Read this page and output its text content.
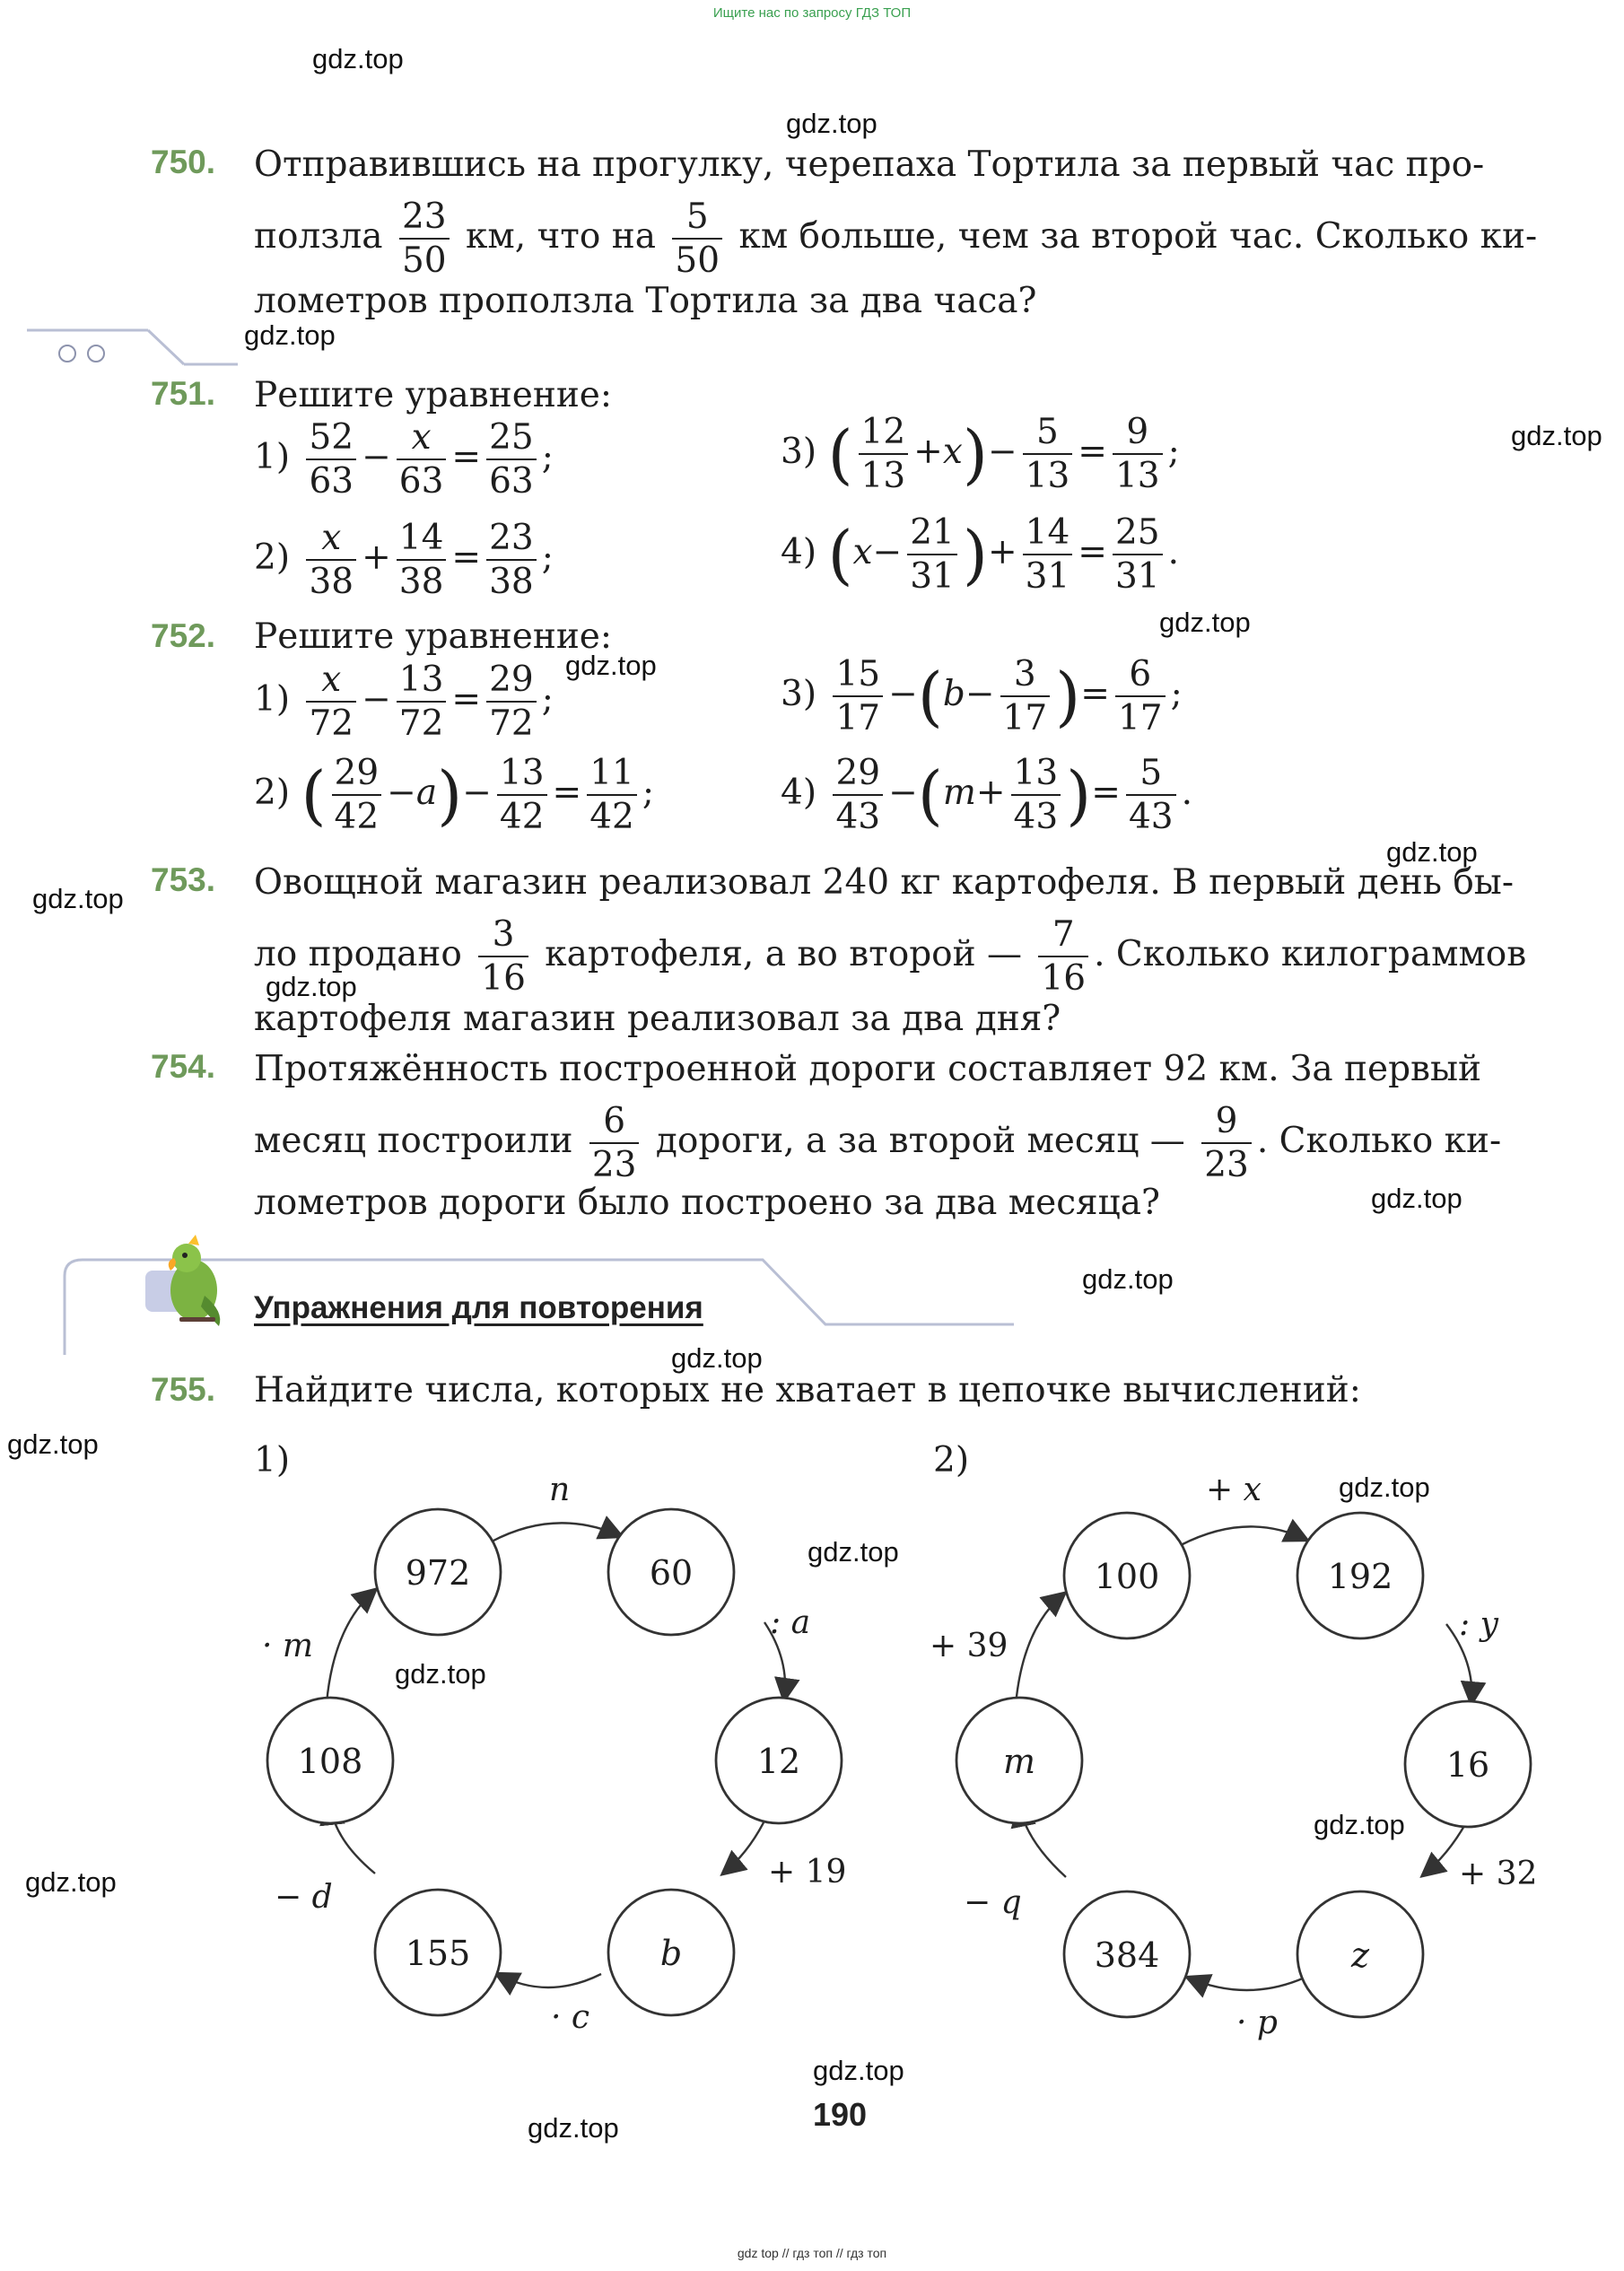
Ищите нас по запросу ГДЗ ТОП
gdz top // гдз топ // гдз топ
750. Отправившись на прогулку, черепаха Тортила за первый час про-
ползла $\frac{23}{50}$ км, что на $\frac{5}{50}$ км больше, чем за второй час. Сколько ки-
лометров проползла Тортила за два часа?
751. Решите уравнение:
$1) \frac{52}{63} - \frac{x}{63} = \frac{25}{63}$ ;
$2) \frac{x}{38} + \frac{14}{38} = \frac{23}{38}$ ;
3) ( $\frac{12}{13} +x)- \frac{5}{13} = \frac{9}{13}$ ;
4) ($x- \frac{21}{31}$ )+ $\frac{14}{31} = \frac{25}{31}$ .
752. Решите уравнение:
$1) \frac{x}{72} - \frac{13}{72} = \frac{29}{72}$ ;
2) ( $\frac{29}{42} -a)- \frac{13}{42} = \frac{11}{42}$ ;
$3) \frac{15}{17} -(b- \frac{3}{17}$ )= $\frac{6}{17}$ ;
$4) \frac{29}{43} -(m+ \frac{13}{43}$ )= $\frac{5}{43}$ .
753. Овощной магазин реализовал 240 кг картофеля. В первый день бы-
ло продано $\frac{3}{16}$ картофеля, а во второй — $\frac{7}{16}$ . Сколько килограммов
картофеля магазин реализовал за два дня?
754. Протяжённость построенной дороги составляет 92 км. За первый
месяц построили $\frac{6}{23}$ дороги, а за второй месяц — $\frac{9}{23}$ . Сколько ки-
лометров дороги было построено за два месяца?
Упражнения для повторения
755. Найдите числа, которых не хватает в цепочке вычислений:
1)	2)
972	60
12
b
155
108
n
: a
+ 19
· c
− d
· m
100	192
16
z
384
m
+ x
: y
+ 32
· p
− q
+ 39
190
gdz.top
gdz.top
gdz.top
gdz.top
gdz.top
gdz.top
gdz.top
gdz.top
gdz.top
gdz.top
gdz.top
gdz.top
gdz.top
gdz.top
gdz.top
gdz.top
gdz.top
gdz.top
gdz.top
gdz.top
